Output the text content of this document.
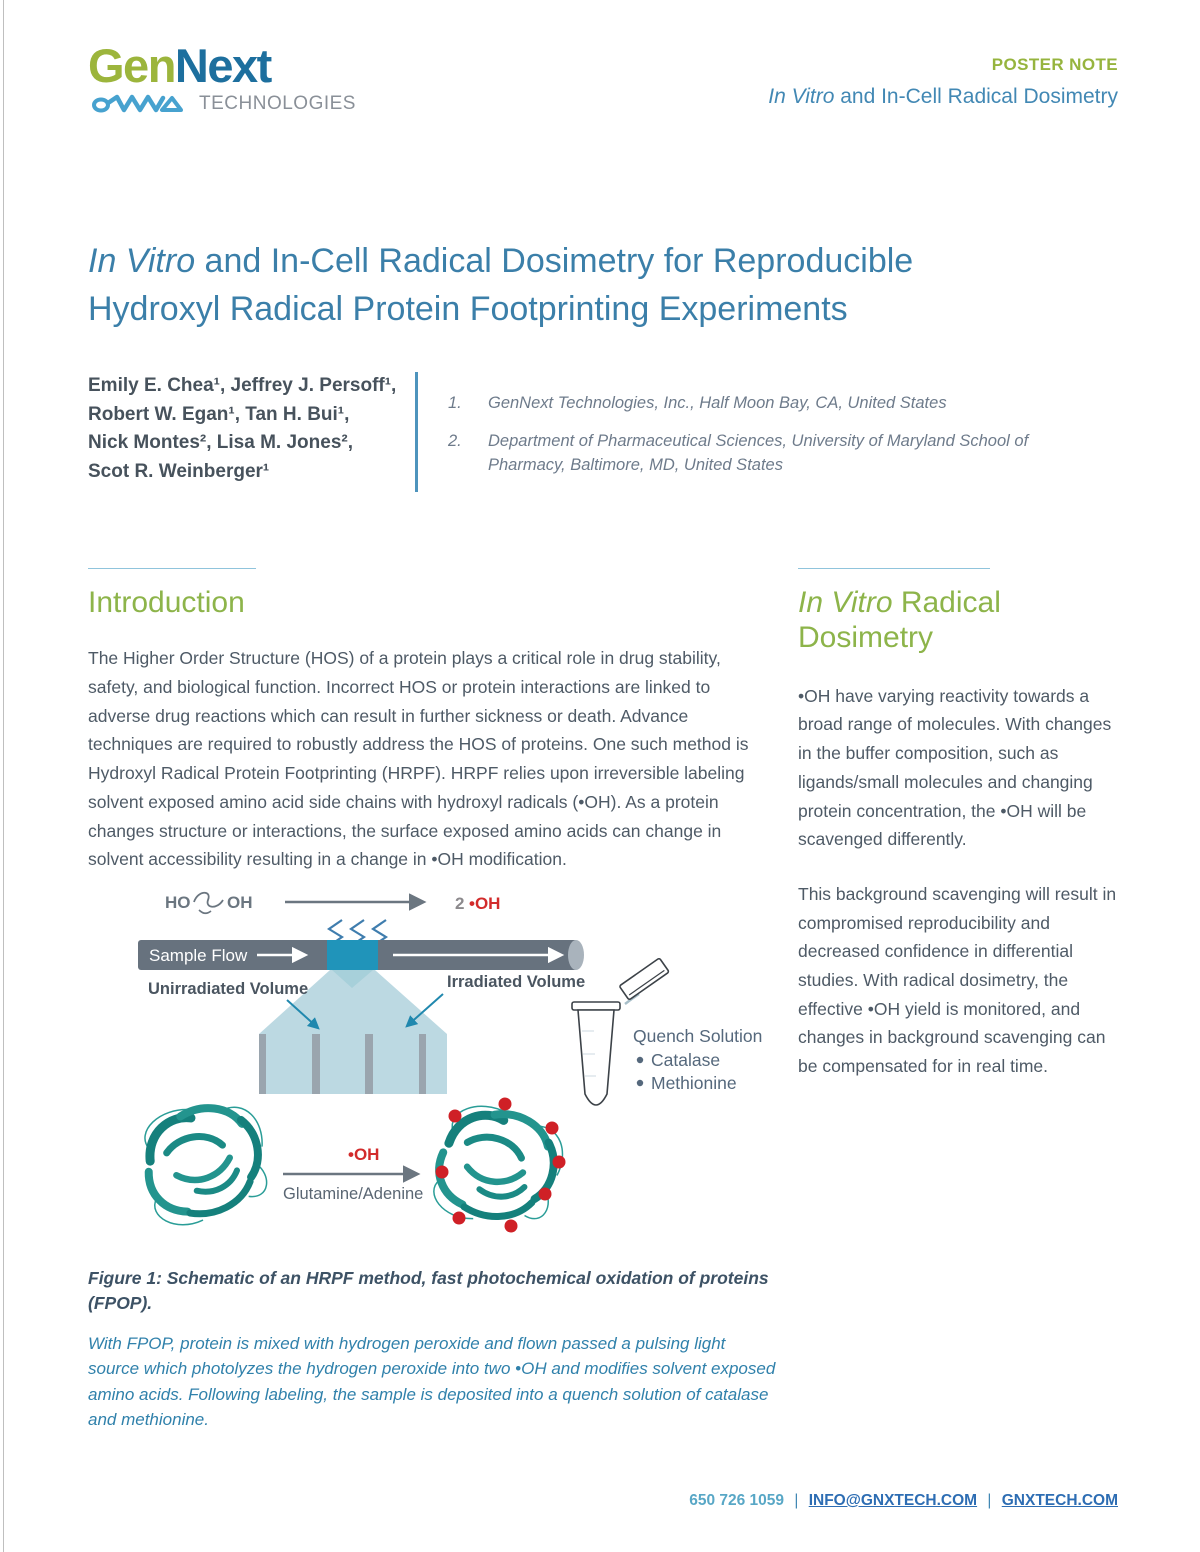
GenNext
TECHNOLOGIES
POSTER NOTE
In Vitro and In-Cell Radical Dosimetry
In Vitro and In-Cell Radical Dosimetry for Reproducible
Hydroxyl Radical Protein Footprinting Experiments
Emily E. Chea¹, Jeffrey J. Persoff¹,
Robert W. Egan¹, Tan H. Bui¹,
Nick Montes², Lisa M. Jones²,
Scot R. Weinberger¹
1.	GenNext Technologies, Inc., Half Moon Bay, CA, United States
2.	Department of Pharmaceutical Sciences, University of Maryland School of Pharmacy, Baltimore, MD, United States
Introduction

The Higher Order Structure (HOS) of a protein plays a critical role in drug stability, safety, and biological function. Incorrect HOS or protein interactions are linked to adverse drug reactions which can result in further sickness or death. Advance techniques are required to robustly address the HOS of proteins. One such method is Hydroxyl Radical Protein Footprinting (HRPF). HRPF relies upon irreversible labeling solvent exposed amino acid side chains with hydroxyl radicals (•OH). As a protein changes structure or interactions, the surface exposed amino acids can change in solvent accessibility resulting in a change in •OH modification.

In Vitro Radical Dosimetry

•OH have varying reactivity towards a broad range of molecules. With changes in the buffer composition, such as ligands/small molecules and changing protein concentration, the •OH will be scavenged differently.

This background scavenging will result in compromised reproducibility and decreased confidence in differential studies. With radical dosimetry, the effective •OH yield is monitored, and changes in background scavenging can be compensated for in real time.

HO OH	2 •OH
Sample Flow
Unirradiated Volume	Irradiated Volume
Quench Solution
Catalase
Methionine
•OH
Glutamine/Adenine
Figure 1: Schematic of an HRPF method, fast photochemical oxidation of proteins (FPOP).
With FPOP, protein is mixed with hydrogen peroxide and flown passed a pulsing light source which photolyzes the hydrogen peroxide into two •OH and modifies solvent exposed amino acids. Following labeling, the sample is deposited into a quench solution of catalase and methionine.
650 726 1059 | INFO@GNXTECH.COM | GNXTECH.COM
